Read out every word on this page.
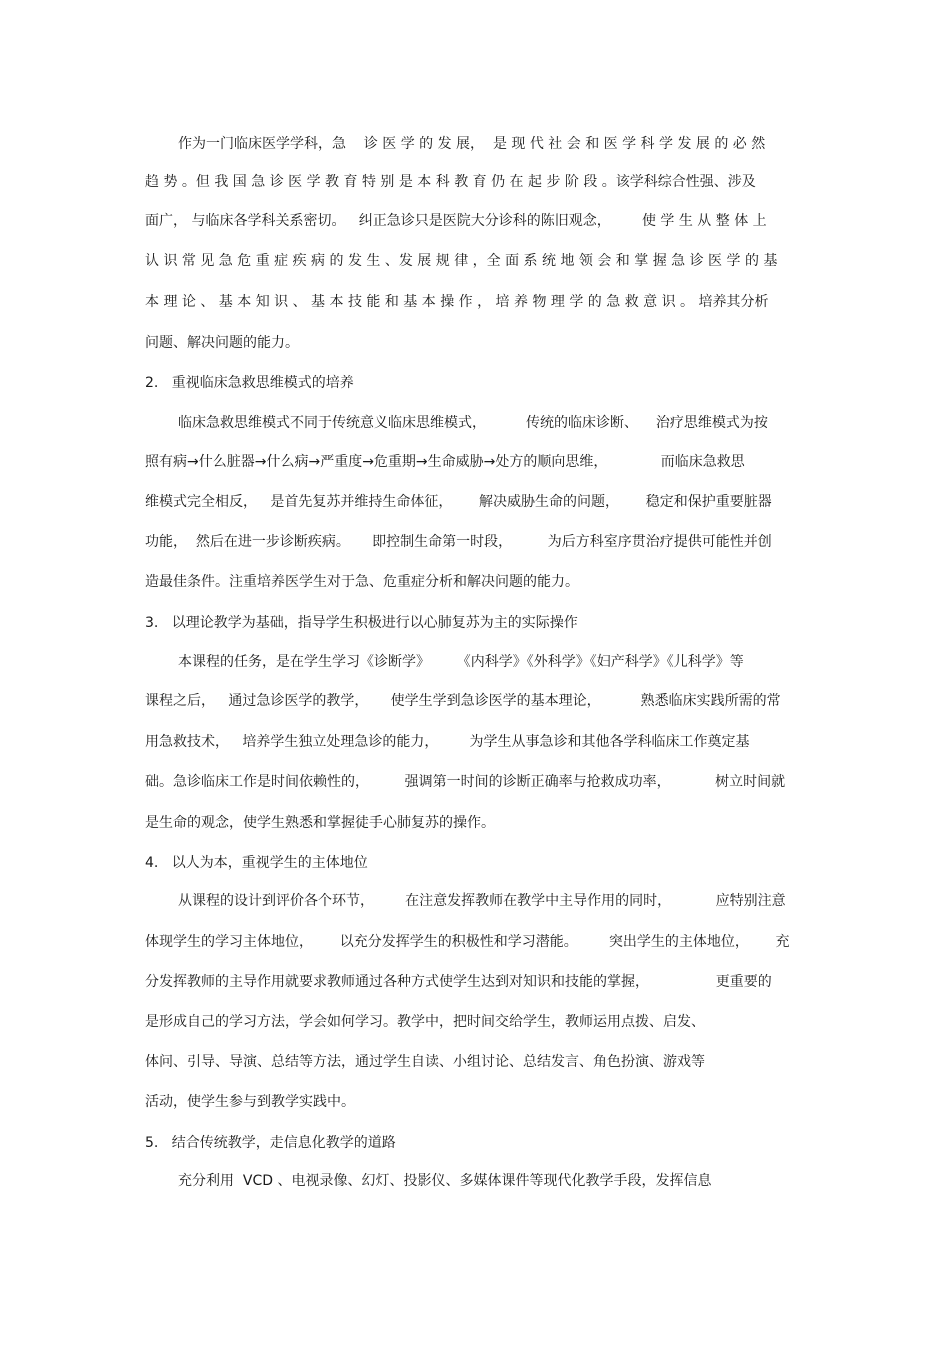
作为一门临床医学学科，急    诊 医 学 的 发 展，  是 现 代 社 会 和 医 学 科 学 发 展 的 必 然
趋 势 。但 我 国 急 诊 医 学 教 育 特 别 是 本 科 教 育 仍 在 起 步 阶 段 。该学科综合性强、涉及
面广， 与临床各学科关系密切。   纠正急诊只是医院大分诊科的陈旧观念，       使 学 生 从 整 体 上
认 识 常 见 急 危 重 症 疾 病 的 发 生 、发 展 规 律 ，全 面 系 统 地 领 会 和 掌 握 急 诊 医 学 的 基
本 理 论 、 基 本 知 识 、 基 本 技 能 和 基 本 操 作 ， 培 养 物 理 学 的 急 救 意 识 。 培养其分析
问题、解决问题的能力。
2.   重视临床急救思维模式的培养
临床急救思维模式不同于传统意义临床思维模式，         传统的临床诊断、    治疗思维模式为按
照有病→什么脏器→什么病→严重度→危重期→生命威胁→处方的顺向思维，            而临床急救思
维模式完全相反，   是首先复苏并维持生命体征，      解决威胁生命的问题，      稳定和保护重要脏器
功能，  然后在进一步诊断疾病。     即控制生命第一时段，        为后方科室序贯治疗提供可能性并创
造最佳条件。注重培养医学生对于急、危重症分析和解决问题的能力。
3.   以理论教学为基础，指导学生积极进行以心肺复苏为主的实际操作
本课程的任务，是在学生学习《诊断学》      《内科学》《外科学》《妇产科学》《儿科学》等
课程之后，   通过急诊医学的教学，     使学生学到急诊医学的基本理论，         熟悉临床实践所需的常
用急救技术，   培养学生独立处理急诊的能力，       为学生从事急诊和其他各学科临床工作奠定基
础。急诊临床工作是时间依赖性的，        强调第一时间的诊断正确率与抢救成功率，          树立时间就
是生命的观念，使学生熟悉和掌握徒手心肺复苏的操作。
4.   以人为本，重视学生的主体地位
从课程的设计到评价各个环节，       在注意发挥教师在教学中主导作用的同时，          应特别注意
体现学生的学习主体地位，      以充分发挥学生的积极性和学习潜能。       突出学生的主体地位，      充
分发挥教师的主导作用就要求教师通过各种方式使学生达到对知识和技能的掌握，               更重要的
是形成自己的学习方法，学会如何学习。教学中，把时间交给学生，教师运用点拨、启发、
体问、引导、导演、总结等方法，通过学生自读、小组讨论、总结发言、角色扮演、游戏等
活动，使学生参与到教学实践中。
5.   结合传统教学，走信息化教学的道路
充分利用  VCD 、电视录像、幻灯、投影仪、多媒体课件等现代化教学手段，发挥信息
